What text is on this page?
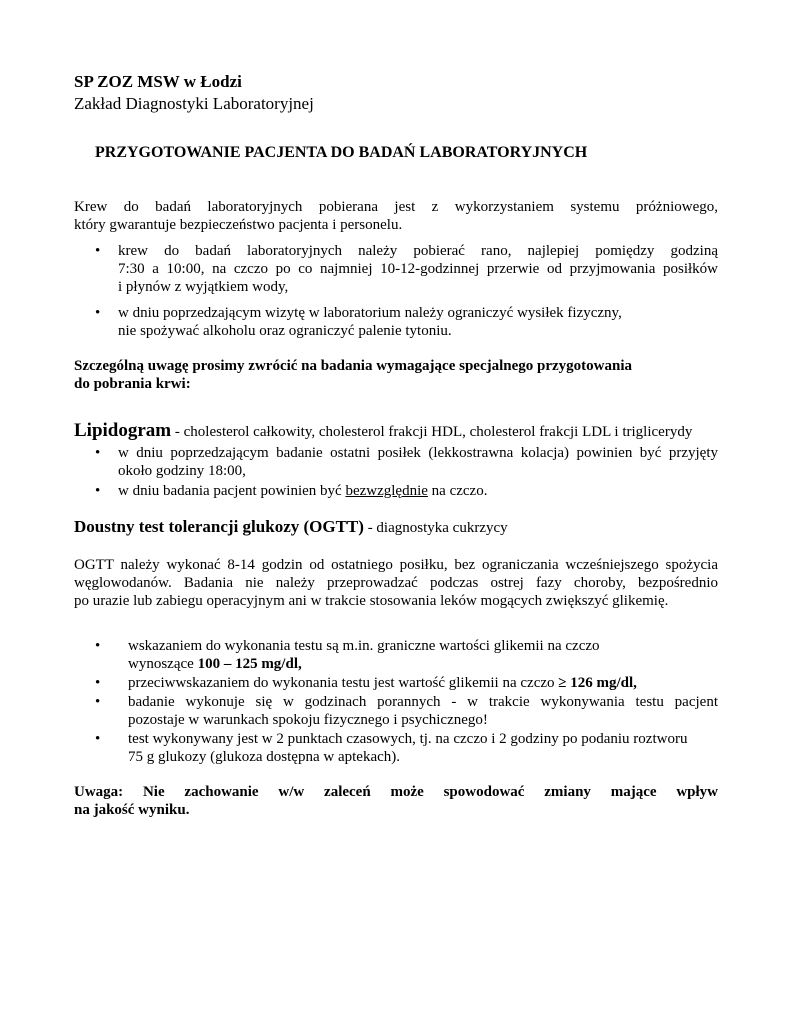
SP ZOZ MSW w Łodzi
Zakład Diagnostyki Laboratoryjnej
PRZYGOTOWANIE PACJENTA DO BADAŃ LABORATORYJNYCH
Krew do badań laboratoryjnych pobierana jest z wykorzystaniem systemu próżniowego,
który gwarantuje bezpieczeństwo pacjenta i personelu.
• krew do badań laboratoryjnych należy pobierać rano, najlepiej pomiędzy godziną
7:30 a 10:00, na czczo po co najmniej 10-12-godzinnej przerwie od przyjmowania posiłków
i płynów z wyjątkiem wody,
• w dniu poprzedzającym wizytę w laboratorium należy ograniczyć wysiłek fizyczny,
nie spożywać alkoholu oraz ograniczyć palenie tytoniu.
Szczególną uwagę prosimy zwrócić na badania wymagające specjalnego przygotowania
do pobrania krwi:
Lipidogram - cholesterol całkowity, cholesterol frakcji HDL, cholesterol frakcji LDL i triglicerydy
• w dniu poprzedzającym badanie ostatni posiłek (lekkostrawna kolacja) powinien być przyjęty
około godziny 18:00,
• w dniu badania pacjent powinien być bezwzględnie na czczo.
Doustny test tolerancji glukozy (OGTT) - diagnostyka cukrzycy
OGTT należy wykonać 8-14 godzin od ostatniego posiłku, bez ograniczania wcześniejszego spożycia
węglowodanów. Badania nie należy przeprowadzać podczas ostrej fazy choroby, bezpośrednio
po urazie lub zabiegu operacyjnym ani w trakcie stosowania leków mogących zwiększyć glikemię.
• wskazaniem do wykonania testu są m.in. graniczne wartości glikemii na czczo
wynoszące 100 – 125 mg/dl,
• przeciwwskazaniem do wykonania testu jest wartość glikemii na czczo ≥ 126 mg/dl,
• badanie wykonuje się w godzinach porannych - w trakcie wykonywania testu pacjent
pozostaje w warunkach spokoju fizycznego i psychicznego!
• test wykonywany jest w 2 punktach czasowych, tj. na czczo i 2 godziny po podaniu roztworu
75 g glukozy (glukoza dostępna w aptekach).
Uwaga: Nie zachowanie w/w zaleceń może spowodować zmiany mające wpływ
na jakość wyniku.
